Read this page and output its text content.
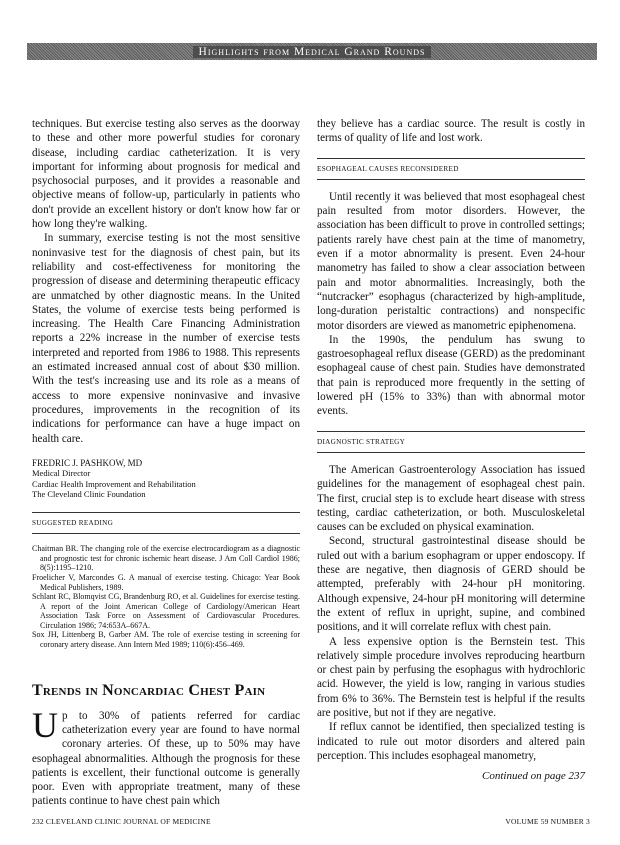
Highlights from Medical Grand Rounds

techniques. But exercise testing also serves as the doorway to these and other more powerful studies for coronary disease, including cardiac catheterization. It is very important for informing about prognosis for medical and psychosocial purposes, and it provides a reasonable and objective means of follow-up, particularly in patients who don't provide an excellent history or don't know how far or how long they're walking.

In summary, exercise testing is not the most sensitive noninvasive test for the diagnosis of chest pain, but its reliability and cost-effectiveness for monitoring the progression of disease and determining therapeutic efficacy are unmatched by other diagnostic means. In the United States, the volume of exercise tests being performed is increasing. The Health Care Financing Administration reports a 22% increase in the number of exercise tests interpreted and reported from 1986 to 1988. This represents an estimated increased annual cost of about $30 million. With the test's increasing use and its role as a means of access to more expensive noninvasive and invasive procedures, improvements in the recognition of its indications for performance can have a huge impact on health care.

FREDRIC J. PASHKOW, MD
Medical Director
Cardiac Health Improvement and Rehabilitation
The Cleveland Clinic Foundation
SUGGESTED READING

Chaitman BR. The changing role of the exercise electrocardiogram as a diagnostic and prognostic test for chronic ischemic heart disease. J Am Coll Cardiol 1986; 8(5):1195–1210.

Froelicher V, Marcondes G. A manual of exercise testing. Chicago: Year Book Medical Publishers, 1989.

Schlant RC, Blomqvist CG, Brandenburg RO, et al. Guidelines for exercise testing. A report of the Joint American College of Cardiology/American Heart Association Task Force on Assessment of Cardiovascular Procedures. Circulation 1986; 74:653A–667A.

Sox JH, Littenberg B, Garber AM. The role of exercise testing in screening for coronary artery disease. Ann Intern Med 1989; 110(6):456–469.

Trends in Noncardiac Chest Pain

Up to 30% of patients referred for cardiac catheterization every year are found to have normal coronary arteries. Of these, up to 50% may have esophageal abnormalities. Although the prognosis for these patients is excellent, their functional outcome is generally poor. Even with appropriate treatment, many of these patients continue to have chest pain which

they believe has a cardiac source. The result is costly in terms of quality of life and lost work.

ESOPHAGEAL CAUSES RECONSIDERED

Until recently it was believed that most esophageal chest pain resulted from motor disorders. However, the association has been difficult to prove in controlled settings; patients rarely have chest pain at the time of manometry, even if a motor abnormality is present. Even 24-hour manometry has failed to show a clear association between pain and motor abnormalities. Increasingly, both the “nutcracker” esophagus (characterized by high-amplitude, long-duration peristaltic contractions) and nonspecific motor disorders are viewed as manometric epiphenomena.

In the 1990s, the pendulum has swung to gastroesophageal reflux disease (GERD) as the predominant esophageal cause of chest pain. Studies have demonstrated that pain is reproduced more frequently in the setting of lowered pH (15% to 33%) than with abnormal motor events.

DIAGNOSTIC STRATEGY

The American Gastroenterology Association has issued guidelines for the management of esophageal chest pain. The first, crucial step is to exclude heart disease with stress testing, cardiac catheterization, or both. Musculoskeletal causes can be excluded on physical examination.

Second, structural gastrointestinal disease should be ruled out with a barium esophagram or upper endoscopy. If these are negative, then diagnosis of GERD should be attempted, preferably with 24-hour pH monitoring. Although expensive, 24-hour pH monitoring will determine the extent of reflux in upright, supine, and combined positions, and it will correlate reflux with chest pain.

A less expensive option is the Bernstein test. This relatively simple procedure involves reproducing heartburn or chest pain by perfusing the esophagus with hydrochloric acid. However, the yield is low, ranging in various studies from 6% to 36%. The Bernstein test is helpful if the results are positive, but not if they are negative.

If reflux cannot be identified, then specialized testing is indicated to rule out motor disorders and altered pain perception. This includes esophageal manometry,

Continued on page 237
232 CLEVELAND CLINIC JOURNAL OF MEDICINE	VOLUME 59 NUMBER 3
